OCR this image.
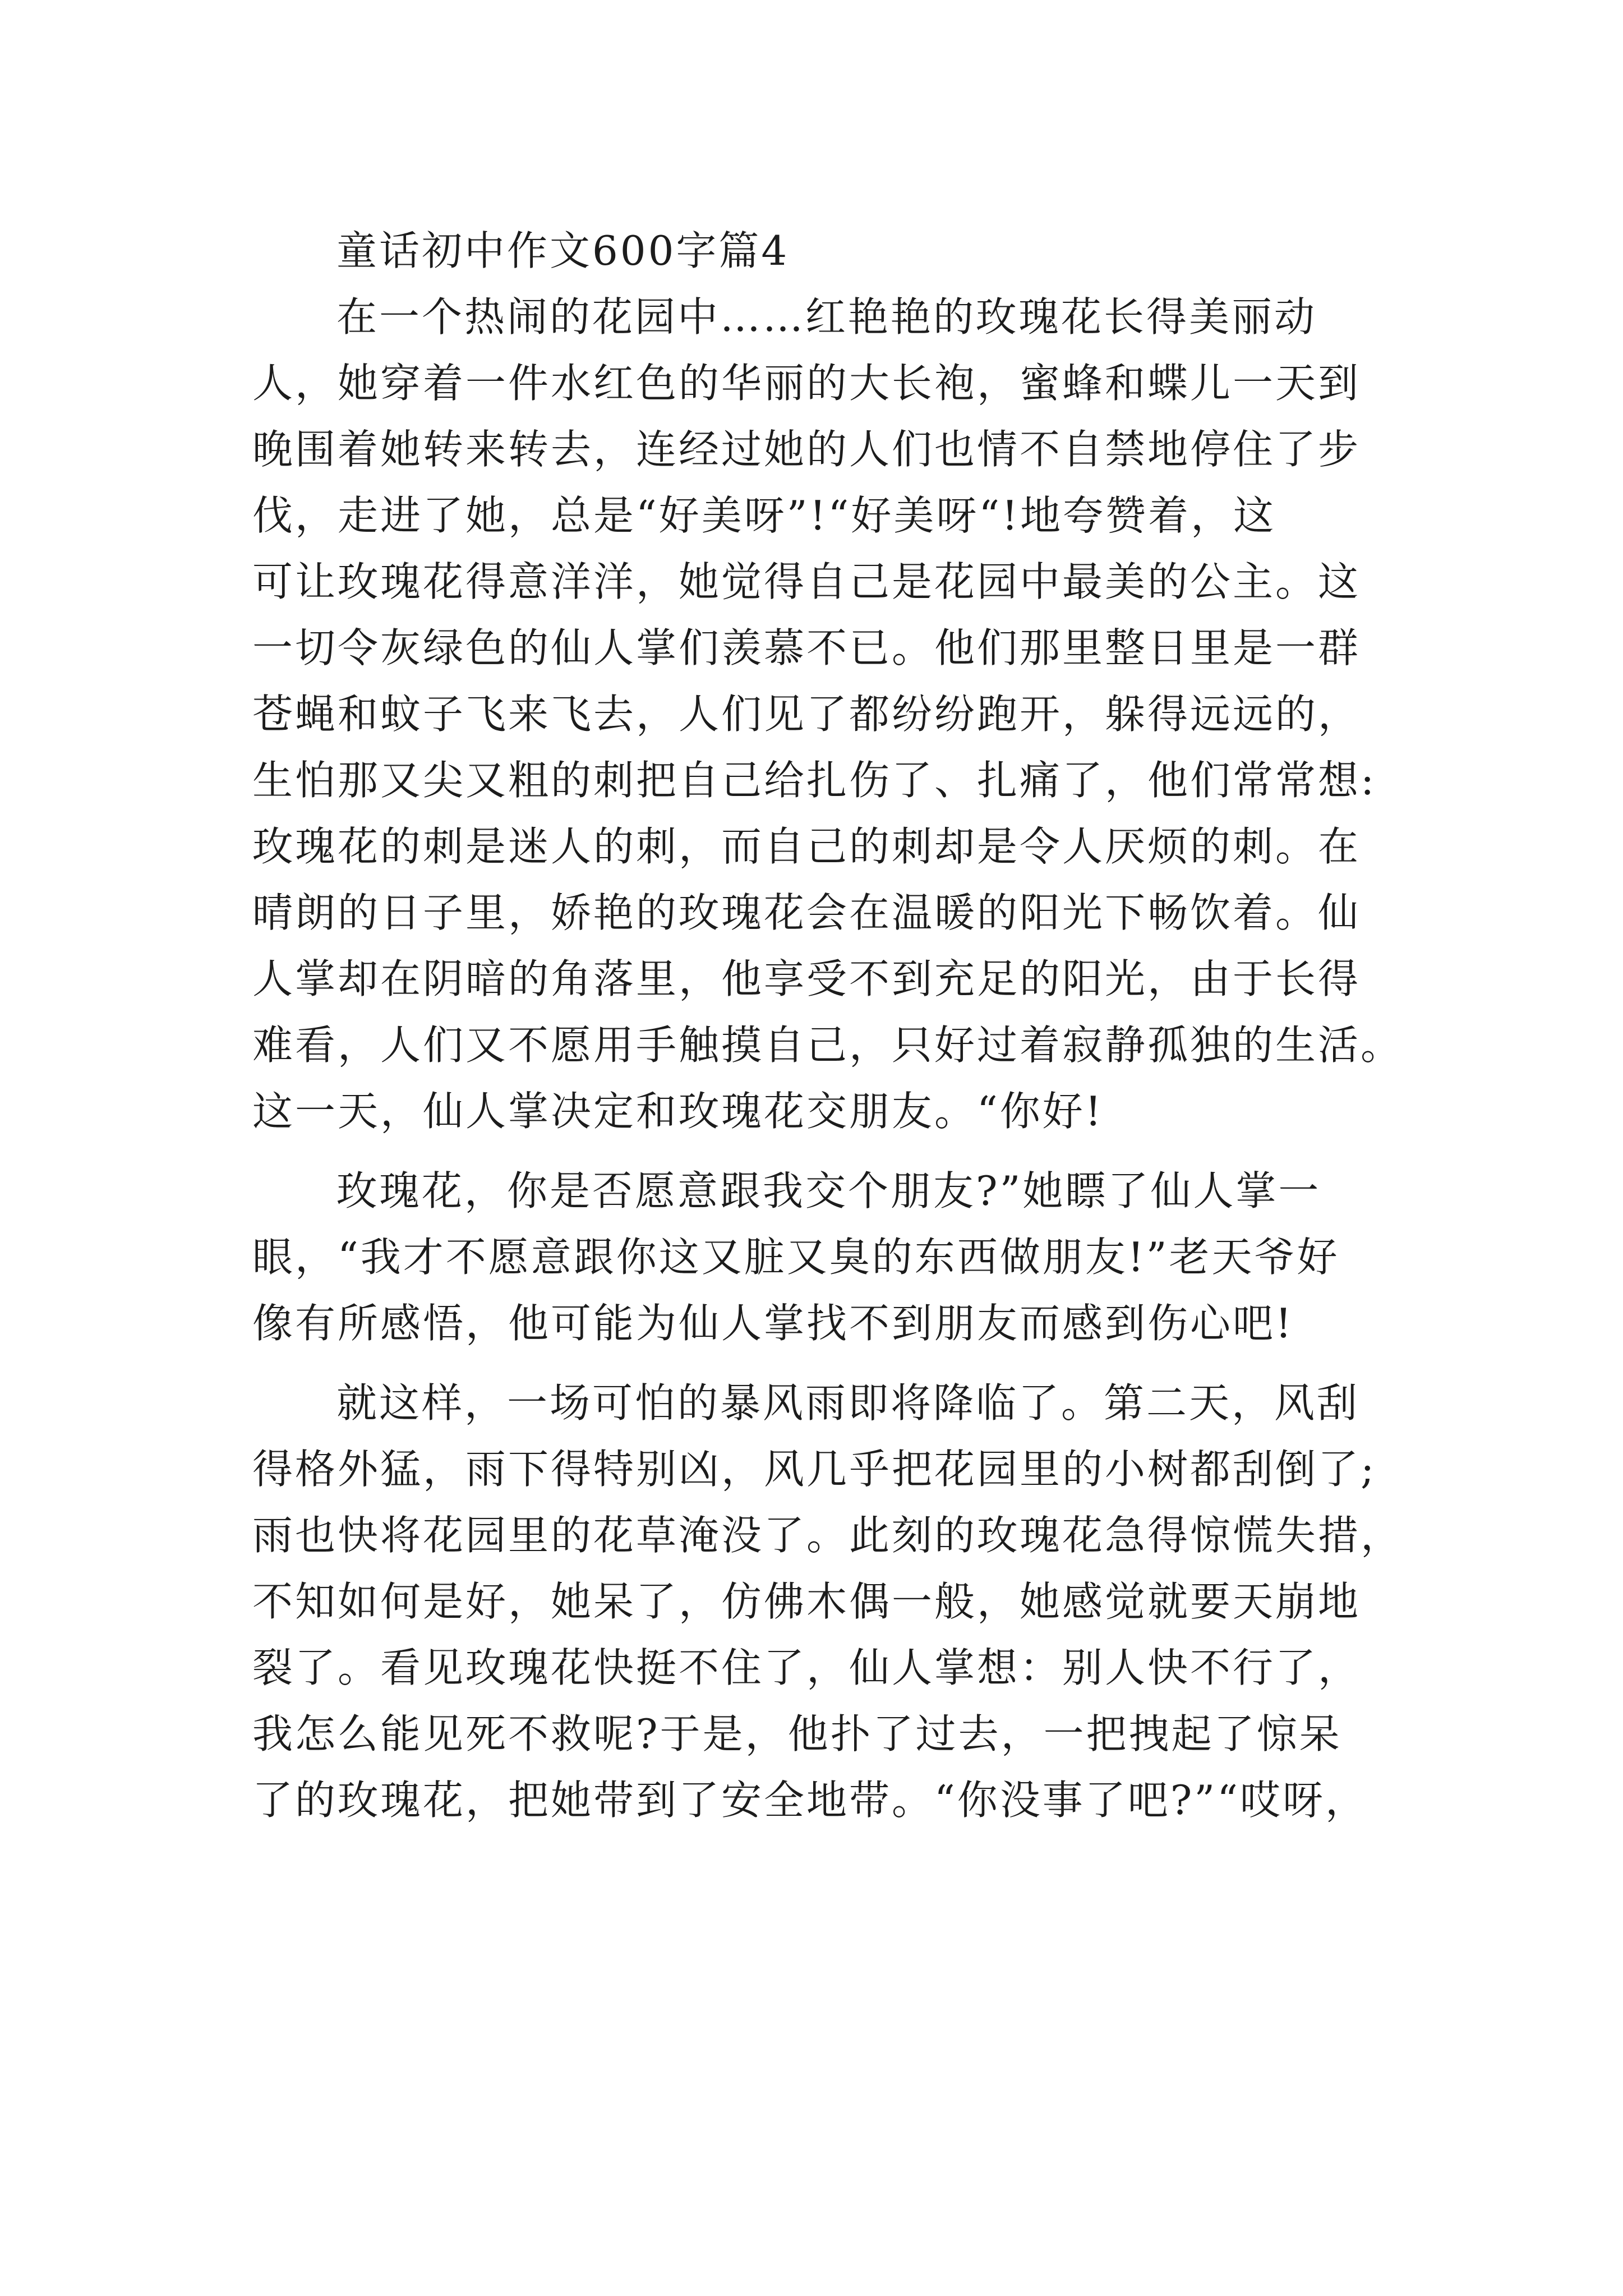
童话初中作文600字篇4
在一个热闹的花园中……红艳艳的玫瑰花长得美丽动
人，她穿着一件水红色的华丽的大长袍，蜜蜂和蝶儿一天到
晚围着她转来转去，连经过她的人们也情不自禁地停住了步
伐，走进了她，总是“好美呀”!“好美呀“!地夸赞着，这
可让玫瑰花得意洋洋，她觉得自己是花园中最美的公主。这
一切令灰绿色的仙人掌们羡慕不已。他们那里整日里是一群
苍蝇和蚊子飞来飞去，人们见了都纷纷跑开，躲得远远的，
生怕那又尖又粗的刺把自己给扎伤了、扎痛了，他们常常想:
玫瑰花的刺是迷人的刺，而自己的刺却是令人厌烦的刺。在
晴朗的日子里，娇艳的玫瑰花会在温暖的阳光下畅饮着。仙
人掌却在阴暗的角落里，他享受不到充足的阳光，由于长得
难看，人们又不愿用手触摸自己，只好过着寂静孤独的生活。
这一天，仙人掌决定和玫瑰花交朋友。“你好!
玫瑰花，你是否愿意跟我交个朋友?”她瞟了仙人掌一
眼，“我才不愿意跟你这又脏又臭的东西做朋友!”老天爷好
像有所感悟，他可能为仙人掌找不到朋友而感到伤心吧!
就这样，一场可怕的暴风雨即将降临了。第二天，风刮
得格外猛，雨下得特别凶，风几乎把花园里的小树都刮倒了;
雨也快将花园里的花草淹没了。此刻的玫瑰花急得惊慌失措，
不知如何是好，她呆了，仿佛木偶一般，她感觉就要天崩地
裂了。看见玫瑰花快挺不住了，仙人掌想：别人快不行了，
我怎么能见死不救呢?于是，他扑了过去，一把拽起了惊呆
了的玫瑰花，把她带到了安全地带。“你没事了吧?”“哎呀，
